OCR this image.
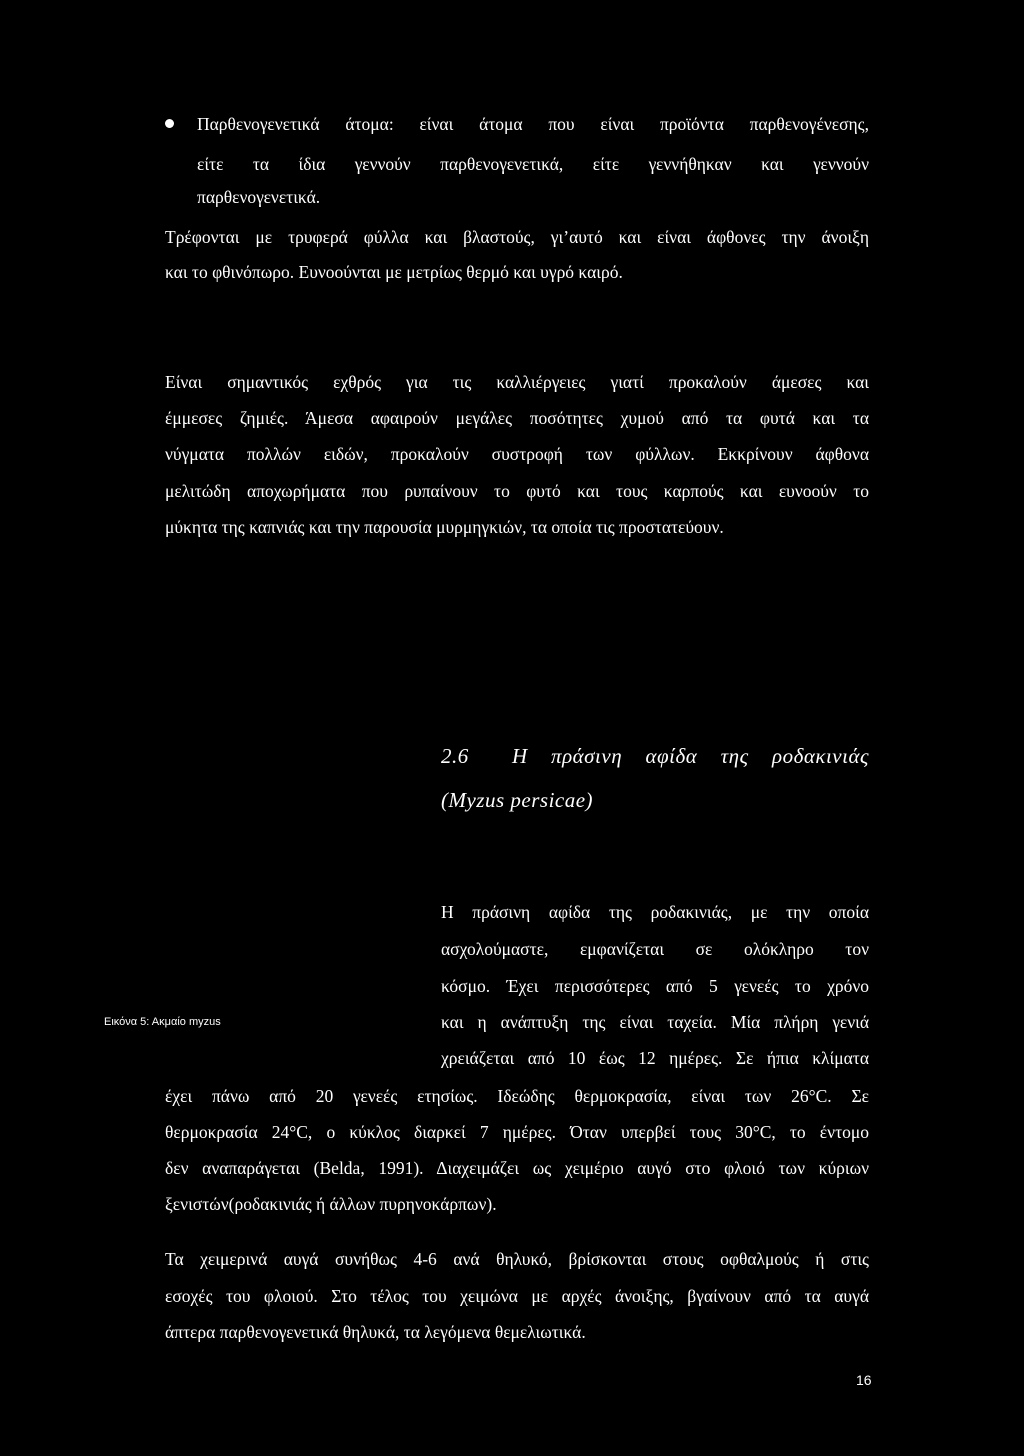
Παρθενογενετικά άτομα: είναι άτομα που είναι προϊόντα παρθενογένεσης,
είτε τα ίδια γεννούν παρθενογενετικά, είτε γεννήθηκαν και γεννούν
παρθενογενετικά.
Τρέφονται με τρυφερά φύλλα και βλαστούς, γι’αυτό και είναι άφθονες την άνοιξη
και το φθινόπωρο. Ευνοούνται με μετρίως θερμό και υγρό καιρό.
Είναι σημαντικός εχθρός για τις καλλιέργειες γιατί προκαλούν άμεσες και
έμμεσες ζημιές. Άμεσα αφαιρούν μεγάλες ποσότητες χυμού από τα φυτά και τα
νύγματα πολλών ειδών, προκαλούν συστροφή των φύλλων. Εκκρίνουν άφθονα
μελιτώδη αποχωρήματα που ρυπαίνουν το φυτό και τους καρπούς και ευνοούν το
μύκητα της καπνιάς και την παρουσία μυρμηγκιών, τα οποία τις προστατεύουν.
2.6 Η πράσινη αφίδα της ροδακινιάς
(Myzus persicae)
Εικόνα 5: Ακμαίο myzus
Η πράσινη αφίδα της ροδακινιάς, με την οποία
ασχολούμαστε, εμφανίζεται σε ολόκληρο τον
κόσμο. Έχει περισσότερες από 5 γενεές το χρόνο
και η ανάπτυξη της είναι ταχεία. Μία πλήρη γενιά
χρειάζεται από 10 έως 12 ημέρες. Σε ήπια κλίματα
έχει πάνω από 20 γενεές ετησίως. Ιδεώδης θερμοκρασία, είναι των 26°C. Σε
θερμοκρασία 24°C, ο κύκλος διαρκεί 7 ημέρες. Όταν υπερβεί τους 30°C, το έντομο
δεν αναπαράγεται (Belda, 1991). Διαχειμάζει ως χειμέριο αυγό στο φλοιό των κύριων
ξενιστών(ροδακινιάς ή άλλων πυρηνοκάρπων).
Τα χειμερινά αυγά συνήθως 4-6 ανά θηλυκό, βρίσκονται στους οφθαλμούς ή στις
εσοχές του φλοιού. Στο τέλος του χειμώνα με αρχές άνοιξης, βγαίνουν από τα αυγά
άπτερα παρθενογενετικά θηλυκά, τα λεγόμενα θεμελιωτικά.
16
